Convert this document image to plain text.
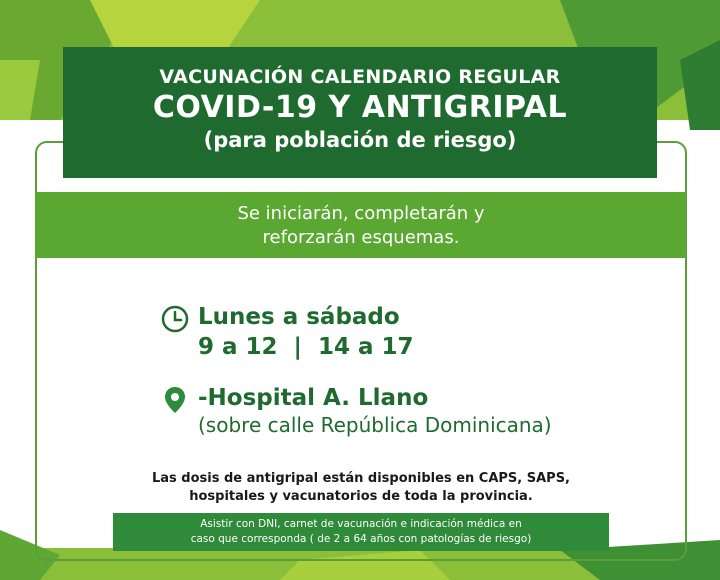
VACUNACIÓN CALENDARIO REGULAR
COVID-19 Y ANTIGRIPAL
(para población de riesgo)
Se iniciarán, completarán y
reforzarán esquemas.
Lunes a sábado
9 a 12  |  14 a 17
-Hospital A. Llano
(sobre calle República Dominicana)
Las dosis de antigripal están disponibles en CAPS, SAPS,
hospitales y vacunatorios de toda la provincia.
Asistir con DNI, carnet de vacunación e indicación médica en
caso que corresponda ( de 2 a 64 años con patologías de riesgo)
